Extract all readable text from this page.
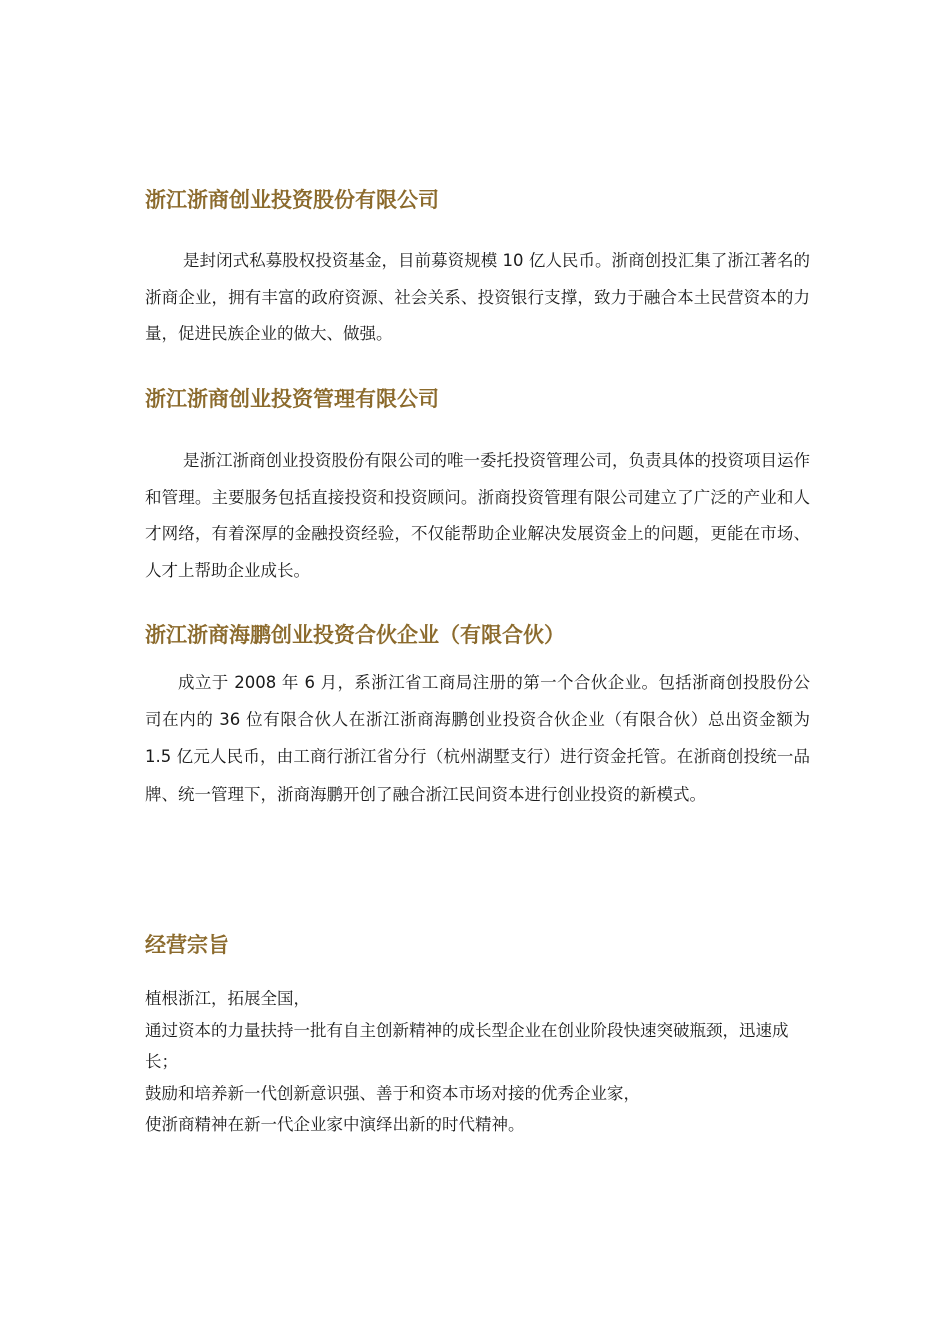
浙江浙商创业投资股份有限公司

是封闭式私募股权投资基金，目前募资规模 10 亿人民币。浙商创投汇集了浙江著名的浙商企业，拥有丰富的政府资源、社会关系、投资银行支撑，致力于融合本土民营资本的力量，促进民族企业的做大、做强。

浙江浙商创业投资管理有限公司

是浙江浙商创业投资股份有限公司的唯一委托投资管理公司，负责具体的投资项目运作和管理。主要服务包括直接投资和投资顾问。浙商投资管理有限公司建立了广泛的产业和人才网络，有着深厚的金融投资经验，不仅能帮助企业解决发展资金上的问题，更能在市场、人才上帮助企业成长。

浙江浙商海鹏创业投资合伙企业（有限合伙）

成立于 2008 年 6 月，系浙江省工商局注册的第一个合伙企业。包括浙商创投股份公司在内的 36 位有限合伙人在浙江浙商海鹏创业投资合伙企业（有限合伙）总出资金额为 1.5 亿元人民币，由工商行浙江省分行（杭州湖墅支行）进行资金托管。在浙商创投统一品牌、统一管理下，浙商海鹏开创了融合浙江民间资本进行创业投资的新模式。

经营宗旨
植根浙江，拓展全国，
通过资本的力量扶持一批有自主创新精神的成长型企业在创业阶段快速突破瓶颈，迅速成长；
鼓励和培养新一代创新意识强、善于和资本市场对接的优秀企业家，
使浙商精神在新一代企业家中演绎出新的时代精神。
